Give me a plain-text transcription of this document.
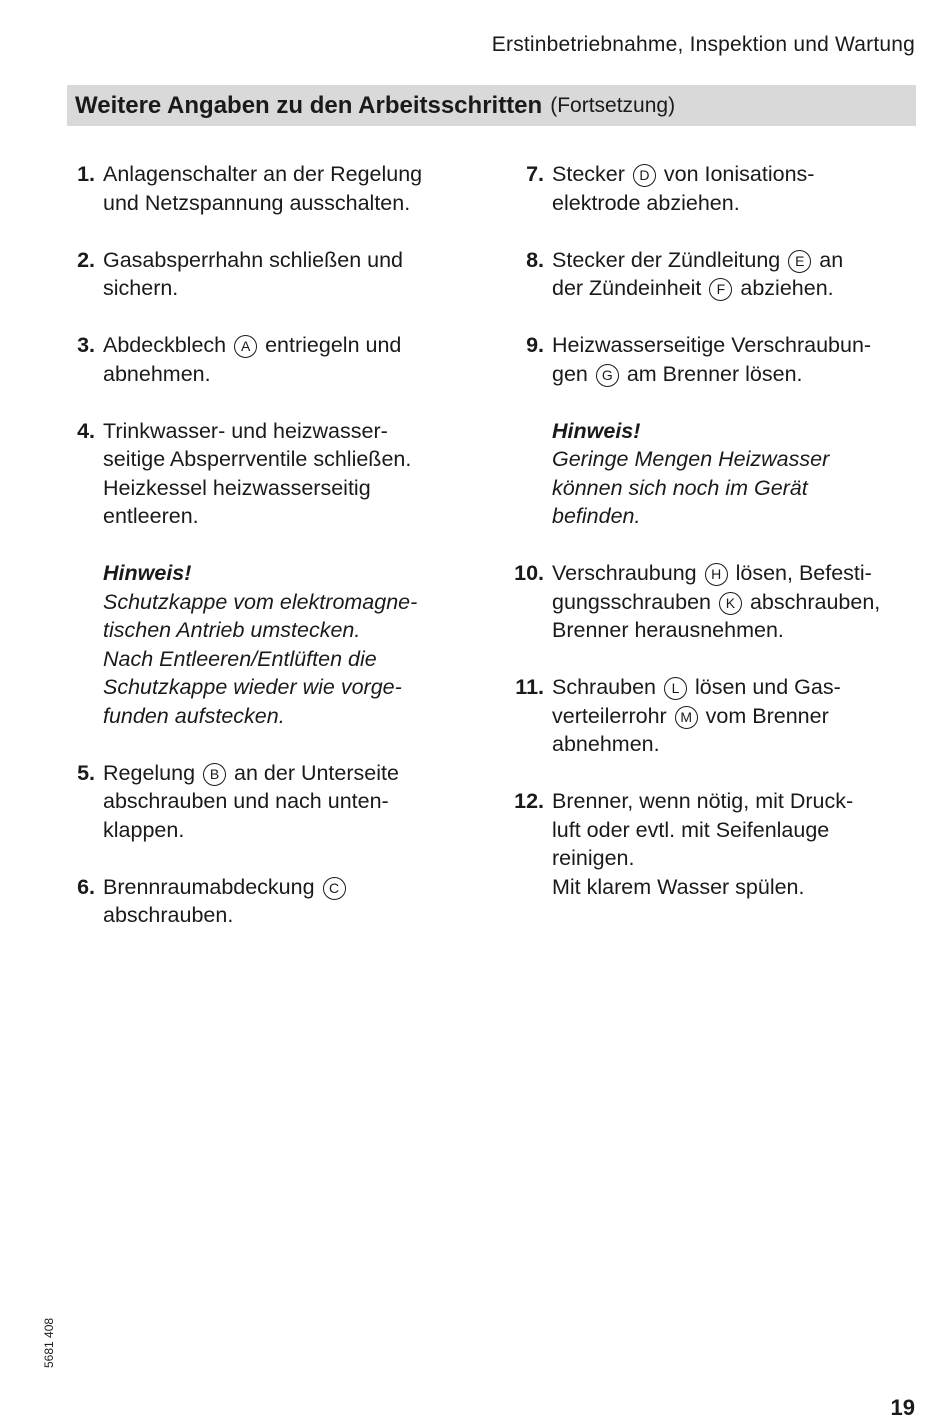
Erstinbetriebnahme, Inspektion und Wartung
Weitere Angaben zu den Arbeitsschritten (Fortsetzung)
1. Anlagenschalter an der Regelung
und Netzspannung ausschalten.
2. Gasabsperrhahn schließen und
sichern.
3. Abdeckblech A entriegeln und
abnehmen.
4. Trinkwasser- und heizwasser-
seitige Absperrventile schließen.
Heizkessel heizwasserseitig
entleeren.
Hinweis!
Schutzkappe vom elektromagne-
tischen Antrieb umstecken.
Nach Entleeren/Entlüften die
Schutzkappe wieder wie vorge-
funden aufstecken.
5. Regelung B an der Unterseite
abschrauben und nach unten-
klappen.
6. Brennraumabdeckung C
abschrauben.
7. Stecker D von Ionisations-
elektrode abziehen.
8. Stecker der Zündleitung E an
der Zündeinheit F abziehen.
9. Heizwasserseitige Verschraubun-
gen G am Brenner lösen.
Hinweis!
Geringe Mengen Heizwasser
können sich noch im Gerät
befinden.
10. Verschraubung H lösen, Befesti-
gungsschrauben K abschrauben,
Brenner herausnehmen.
11. Schrauben L lösen und Gas-
verteilerrohr M vom Brenner
abnehmen.
12. Brenner, wenn nötig, mit Druck-
luft oder evtl. mit Seifenlauge
reinigen.
Mit klarem Wasser spülen.
5681 408
19
